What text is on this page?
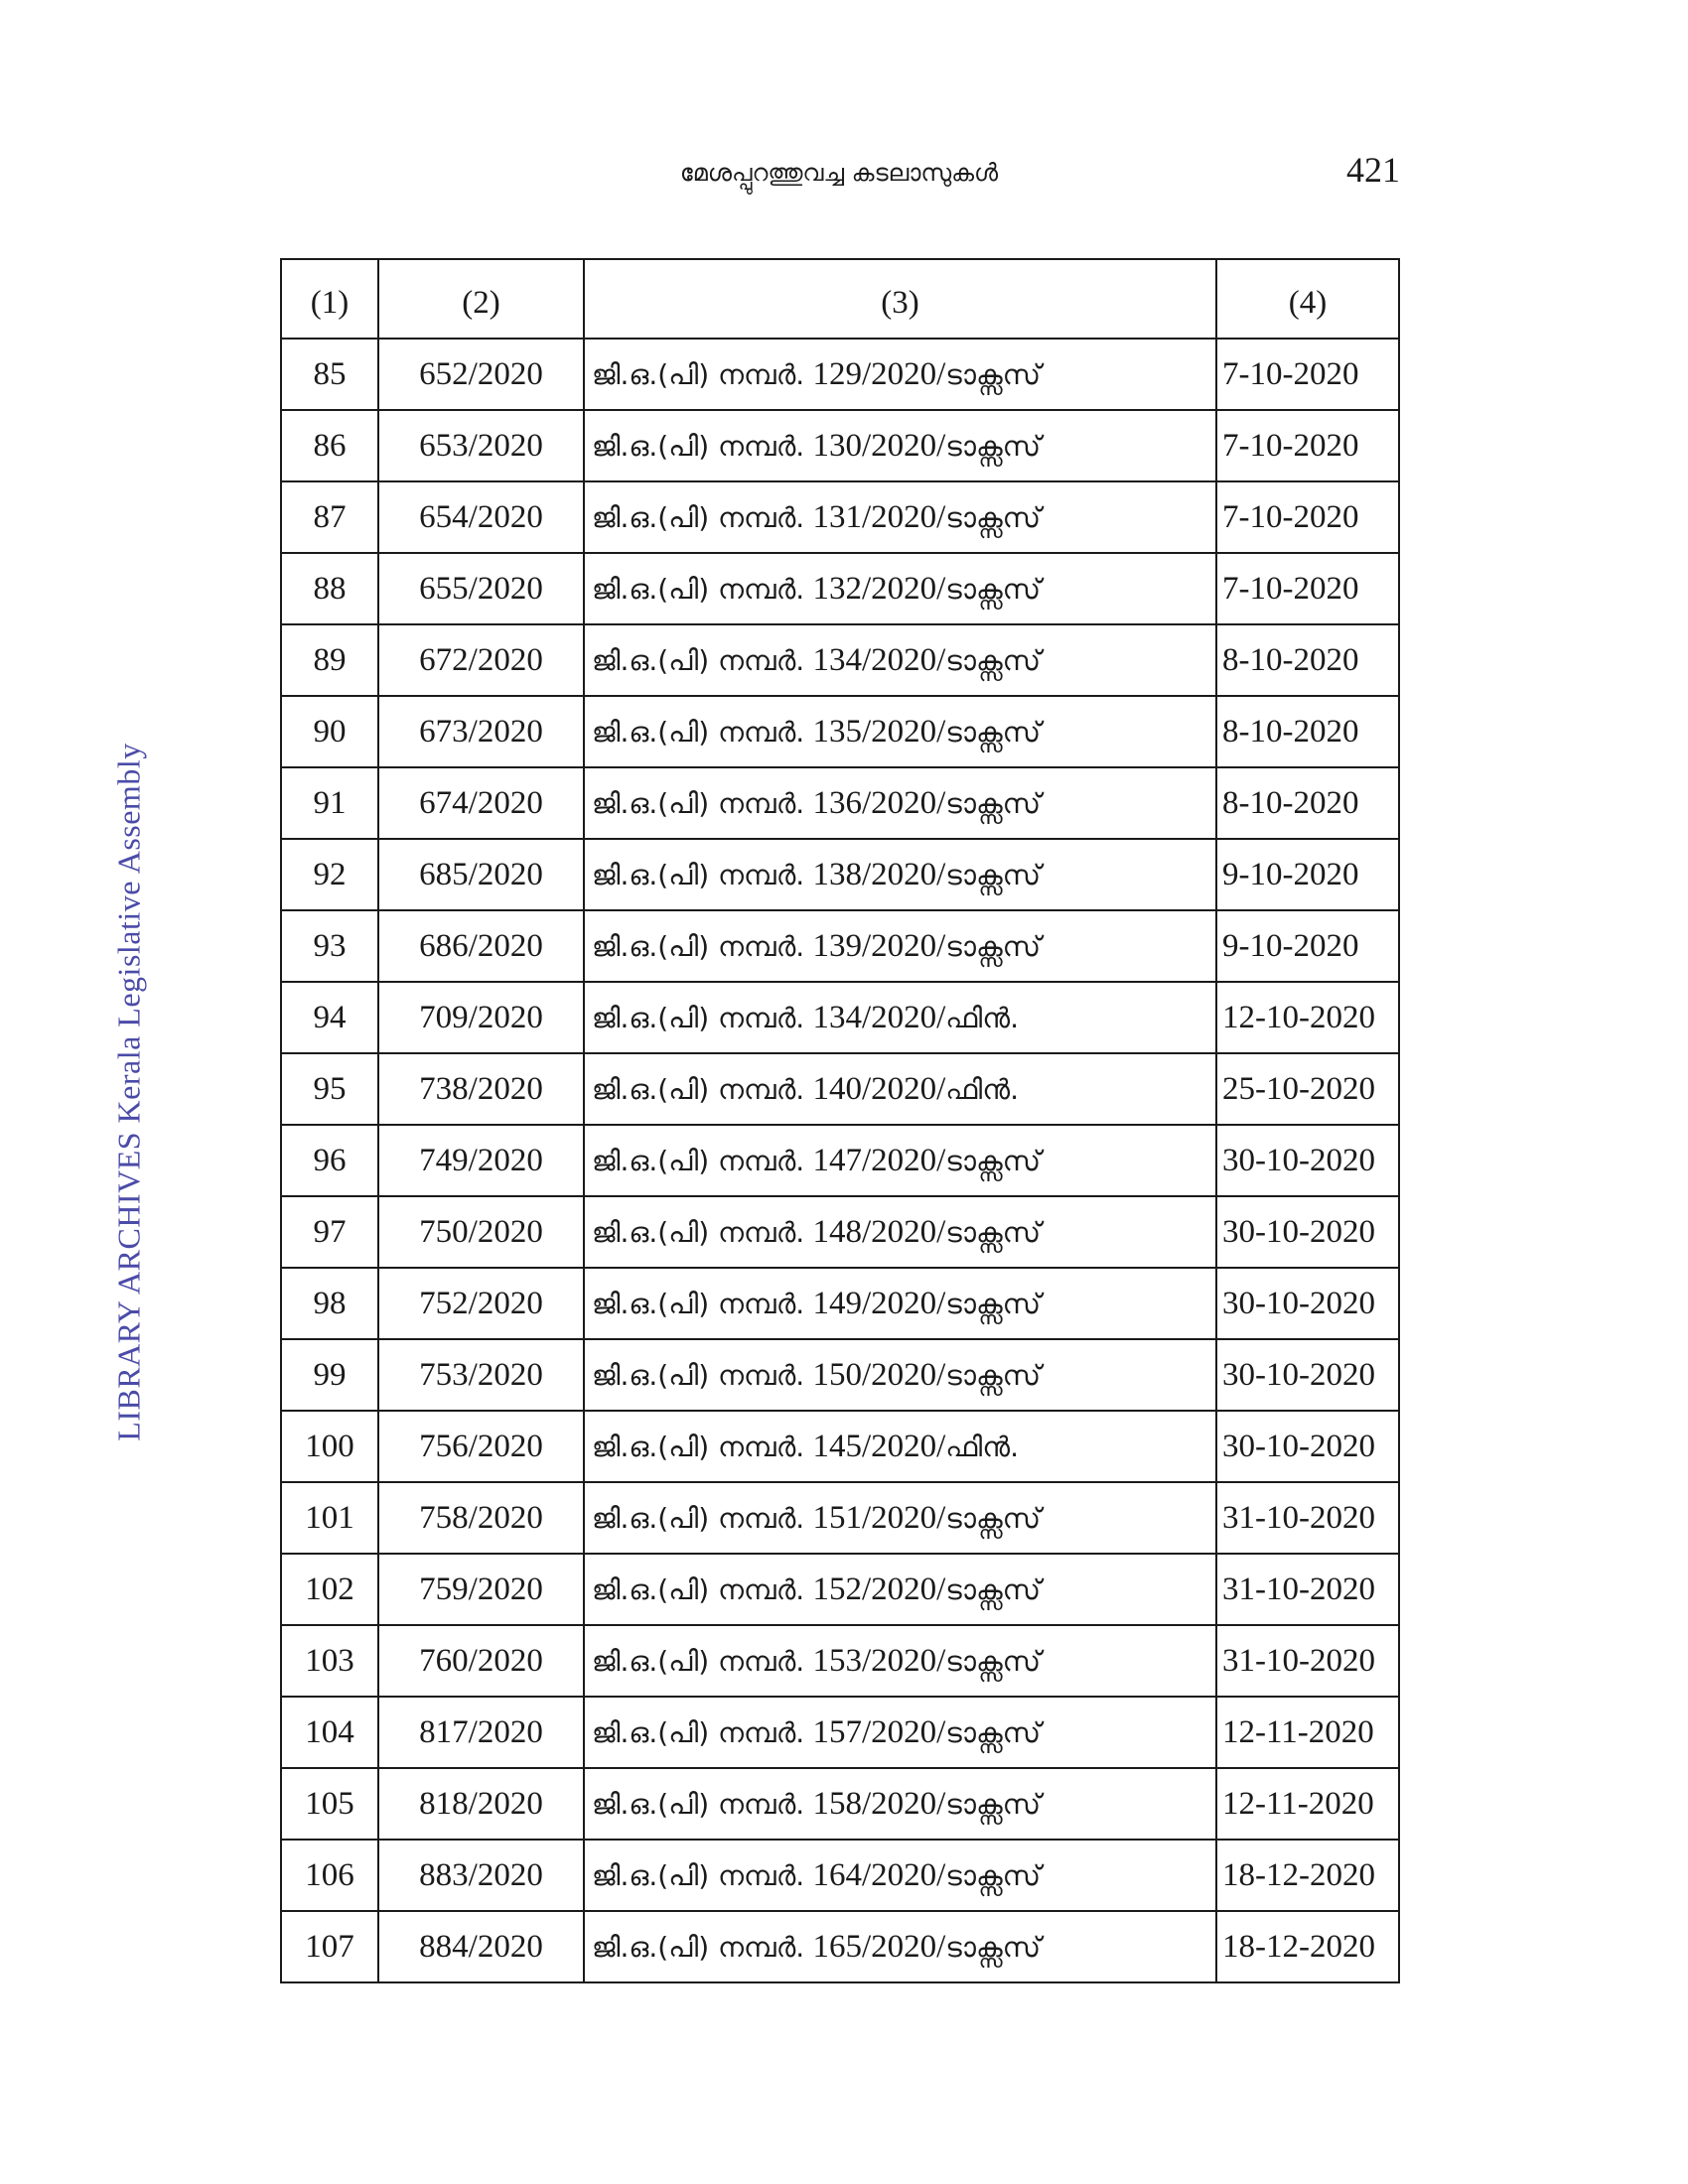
മേശപ്പുറത്തുവച്ച കടലാസുകൾ	421
LIBRARY ARCHIVES Kerala Legislative Assembly
(1)	(2)	(3)	(4)
85	652/2020	ജി.ഒ.(പി) നമ്പർ. 129/2020/ടാക്സസ്	7-10-2020
86	653/2020	ജി.ഒ.(പി) നമ്പർ. 130/2020/ടാക്സസ്	7-10-2020
87	654/2020	ജി.ഒ.(പി) നമ്പർ. 131/2020/ടാക്സസ്	7-10-2020
88	655/2020	ജി.ഒ.(പി) നമ്പർ. 132/2020/ടാക്സസ്	7-10-2020
89	672/2020	ജി.ഒ.(പി) നമ്പർ. 134/2020/ടാക്സസ്	8-10-2020
90	673/2020	ജി.ഒ.(പി) നമ്പർ. 135/2020/ടാക്സസ്	8-10-2020
91	674/2020	ജി.ഒ.(പി) നമ്പർ. 136/2020/ടാക്സസ്	8-10-2020
92	685/2020	ജി.ഒ.(പി) നമ്പർ. 138/2020/ടാക്സസ്	9-10-2020
93	686/2020	ജി.ഒ.(പി) നമ്പർ. 139/2020/ടാക്സസ്	9-10-2020
94	709/2020	ജി.ഒ.(പി) നമ്പർ. 134/2020/ഫിൻ.	12-10-2020
95	738/2020	ജി.ഒ.(പി) നമ്പർ. 140/2020/ഫിൻ.	25-10-2020
96	749/2020	ജി.ഒ.(പി) നമ്പർ. 147/2020/ടാക്സസ്	30-10-2020
97	750/2020	ജി.ഒ.(പി) നമ്പർ. 148/2020/ടാക്സസ്	30-10-2020
98	752/2020	ജി.ഒ.(പി) നമ്പർ. 149/2020/ടാക്സസ്	30-10-2020
99	753/2020	ജി.ഒ.(പി) നമ്പർ. 150/2020/ടാക്സസ്	30-10-2020
100	756/2020	ജി.ഒ.(പി) നമ്പർ. 145/2020/ഫിൻ.	30-10-2020
101	758/2020	ജി.ഒ.(പി) നമ്പർ. 151/2020/ടാക്സസ്	31-10-2020
102	759/2020	ജി.ഒ.(പി) നമ്പർ. 152/2020/ടാക്സസ്	31-10-2020
103	760/2020	ജി.ഒ.(പി) നമ്പർ. 153/2020/ടാക്സസ്	31-10-2020
104	817/2020	ജി.ഒ.(പി) നമ്പർ. 157/2020/ടാക്സസ്	12-11-2020
105	818/2020	ജി.ഒ.(പി) നമ്പർ. 158/2020/ടാക്സസ്	12-11-2020
106	883/2020	ജി.ഒ.(പി) നമ്പർ. 164/2020/ടാക്സസ്	18-12-2020
107	884/2020	ജി.ഒ.(പി) നമ്പർ. 165/2020/ടാക്സസ്	18-12-2020
